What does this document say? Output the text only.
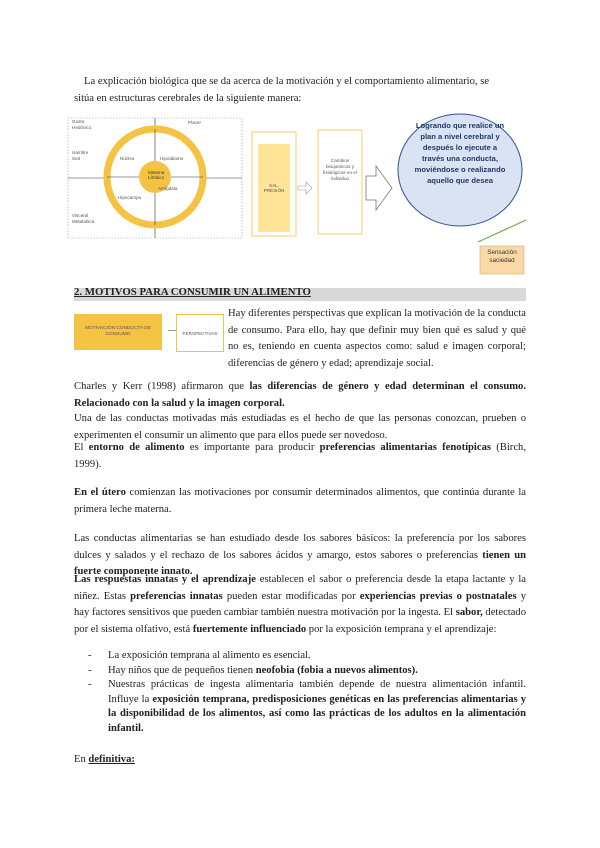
La explicación biológica que se da acerca de la motivación y el comportamiento alimentario, se
sitúa en estructuras cerebrales de la siguiente manera:

Gusto
Hedónico
Hambre
Sed
Visceral
Metabólica
Placer
Núcleo
Sistema Límbico
Hipotálamo
Amígdala
Hipocampo
SAL, PRESIÓN
Cambios bioquímicos y fisiológicos en el individuo
Logrando que realice un plan a nivel cerebral y después lo ejecute a través una conducta, moviéndose o realizando aquello que desea
Sensación saciedad
2. MOTIVOS PARA CONSUMIR UN ALIMENTO
MOTIVACIÓN CONDUCTA DE CONSUMO	PERSPECTIVAS

Hay diferentes perspectivas que explican la motivación de la conducta de consumo. Para ello, hay que definir muy bien qué es salud y qué no es, teniendo en cuenta aspectos como: salud e imagen corporal; diferencias de género y edad; aprendizaje social.

Charles y Kerr (1998) afirmaron que las diferencias de género y edad determinan el consumo. Relacionado con la salud y la imagen corporal.

Una de las conductas motivadas más estudiadas es el hecho de que las personas conozcan, prueben o experimenten el consumir un alimento que para ellos puede ser novedoso.

El entorno de alimento es importante para producir preferencias alimentarias fenotípicas (Birch, 1999).

En el útero comienzan las motivaciones por consumir determinados alimentos, que continúa durante la primera leche materna.

Las conductas alimentarias se han estudiado desde los sabores básicos: la preferencia por los sabores dulces y salados y el rechazo de los sabores ácidos y amargo, estos sabores o preferencias tienen un fuerte componente innato.

Las respuestas innatas y el aprendizaje establecen el sabor o preferencia desde la etapa lactante y la niñez. Estas preferencias innatas pueden estar modificadas por experiencias previas o postnatales y hay factores sensitivos que pueden cambiar también nuestra motivación por la ingesta. El sabor, detectado por el sistema olfativo, está fuertemente influenciado por la exposición temprana y el aprendizaje:

- La exposición temprana al alimento es esencial.
- Hay niños que de pequeños tienen neofobia (fobia a nuevos alimentos).
- Nuestras prácticas de ingesta alimentaria también depende de nuestra alimentación infantil. Influye la exposición temprana, predisposiciones genéticas en las preferencias alimentarias y la disponibilidad de los alimentos, así como las prácticas de los adultos en la alimentación infantil.

En definitiva:
